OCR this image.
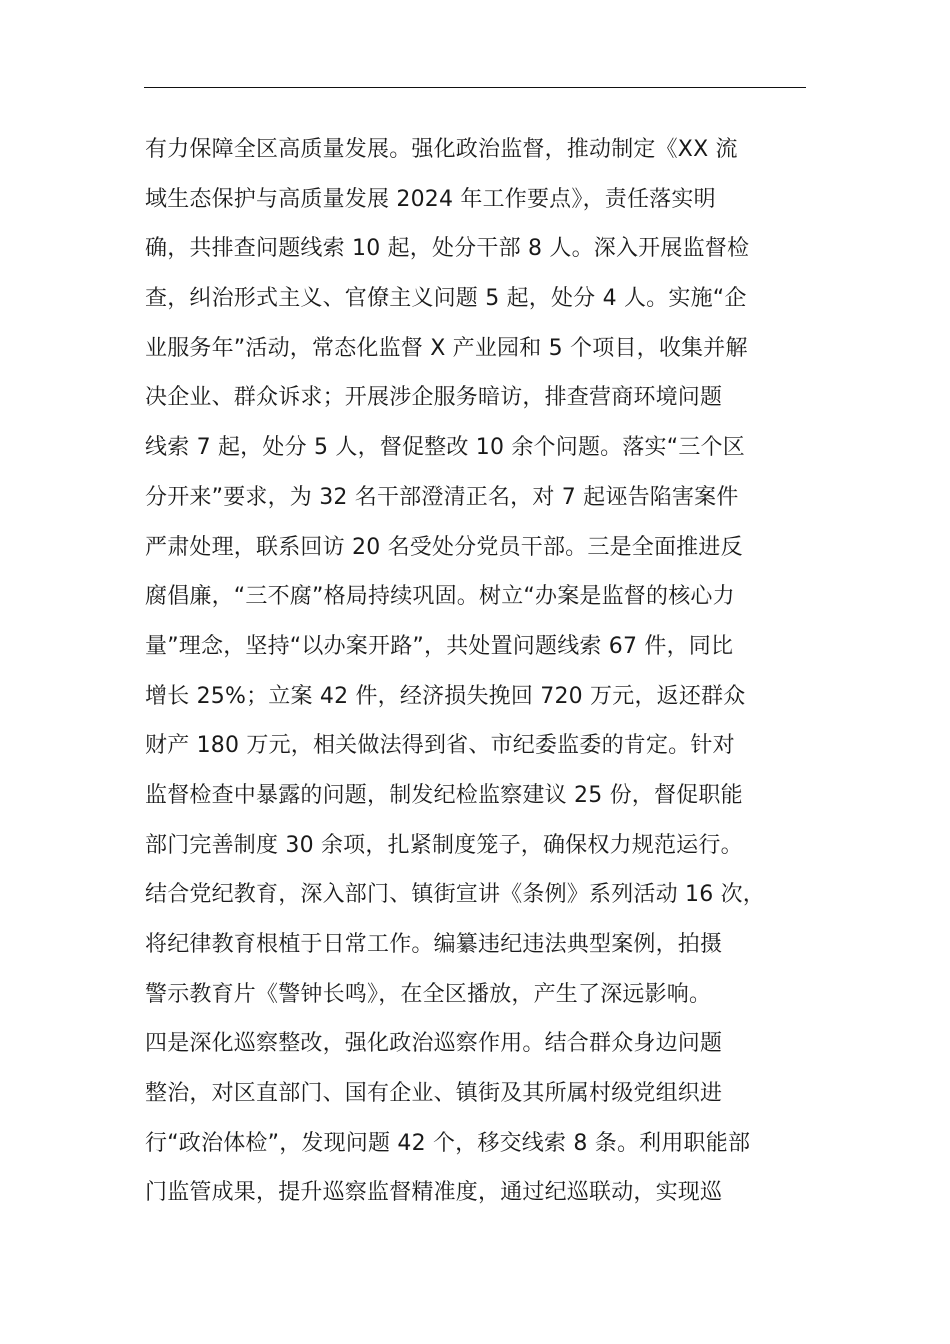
有力保障全区高质量发展。强化政治监督，推动制定《XX 流
域生态保护与高质量发展 2024 年工作要点》，责任落实明
确，共排查问题线索 10 起，处分干部 8 人。深入开展监督检
查，纠治形式主义、官僚主义问题 5 起，处分 4 人。实施“企
业服务年”活动，常态化监督 X 产业园和 5 个项目，收集并解
决企业、群众诉求；开展涉企服务暗访，排查营商环境问题
线索 7 起，处分 5 人，督促整改 10 余个问题。落实“三个区
分开来”要求，为 32 名干部澄清正名，对 7 起诬告陷害案件
严肃处理，联系回访 20 名受处分党员干部。三是全面推进反
腐倡廉，“三不腐”格局持续巩固。树立“办案是监督的核心力
量”理念，坚持“以办案开路”，共处置问题线索 67 件，同比
增长 25%；立案 42 件，经济损失挽回 720 万元，返还群众
财产 180 万元，相关做法得到省、市纪委监委的肯定。针对
监督检查中暴露的问题，制发纪检监察建议 25 份，督促职能
部门完善制度 30 余项，扎紧制度笼子，确保权力规范运行。
结合党纪教育，深入部门、镇街宣讲《条例》系列活动 16 次，
将纪律教育根植于日常工作。编纂违纪违法典型案例，拍摄
警示教育片《警钟长鸣》，在全区播放，产生了深远影响。
四是深化巡察整改，强化政治巡察作用。结合群众身边问题
整治，对区直部门、国有企业、镇街及其所属村级党组织进
行“政治体检”，发现问题 42 个，移交线索 8 条。利用职能部
门监管成果，提升巡察监督精准度，通过纪巡联动，实现巡
